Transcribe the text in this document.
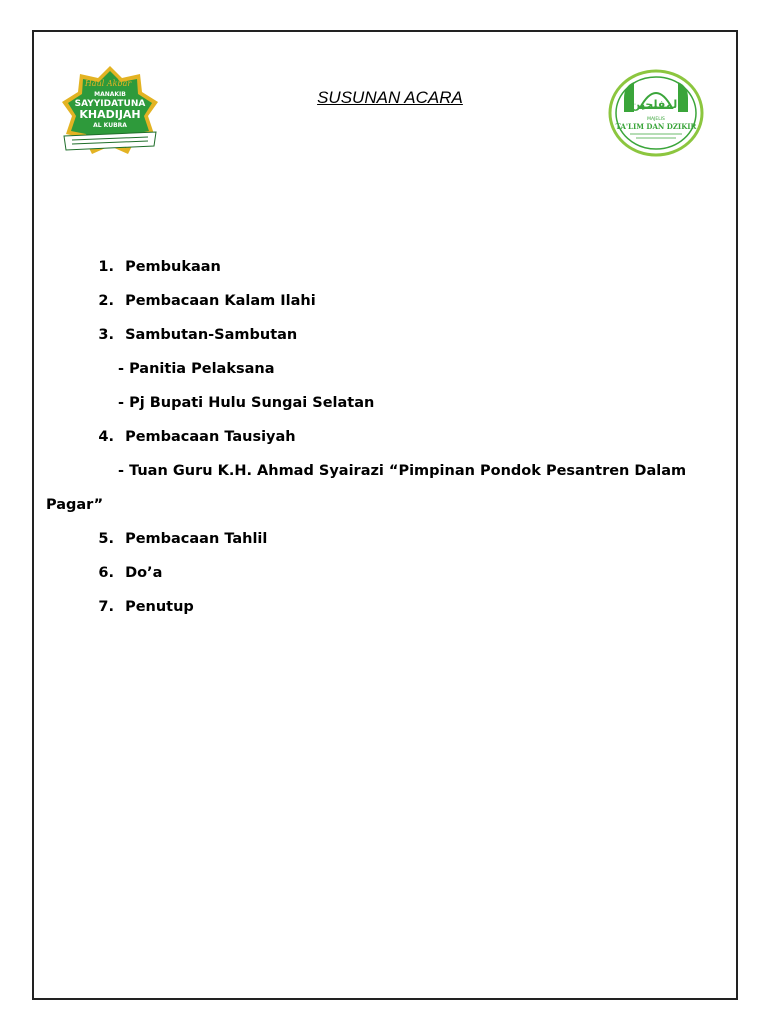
Haul Akbar
MANAKIB
SAYYIDATUNA
KHADIJAH
AL KUBRA
SUSUNAN ACARA	المفلحين
MAJELIS
TA'LIM DAN DZIKIR

1. Pembukaan

2. Pembacaan Kalam Ilahi

3. Sambutan-Sambutan

- Panitia Pelaksana

- Pj Bupati Hulu Sungai Selatan

4. Pembacaan Tausiyah

- Tuan Guru K.H. Ahmad Syairazi “Pimpinan Pondok Pesantren Dalam

Pagar”

5. Pembacaan Tahlil

6. Do’a

7. Penutup
